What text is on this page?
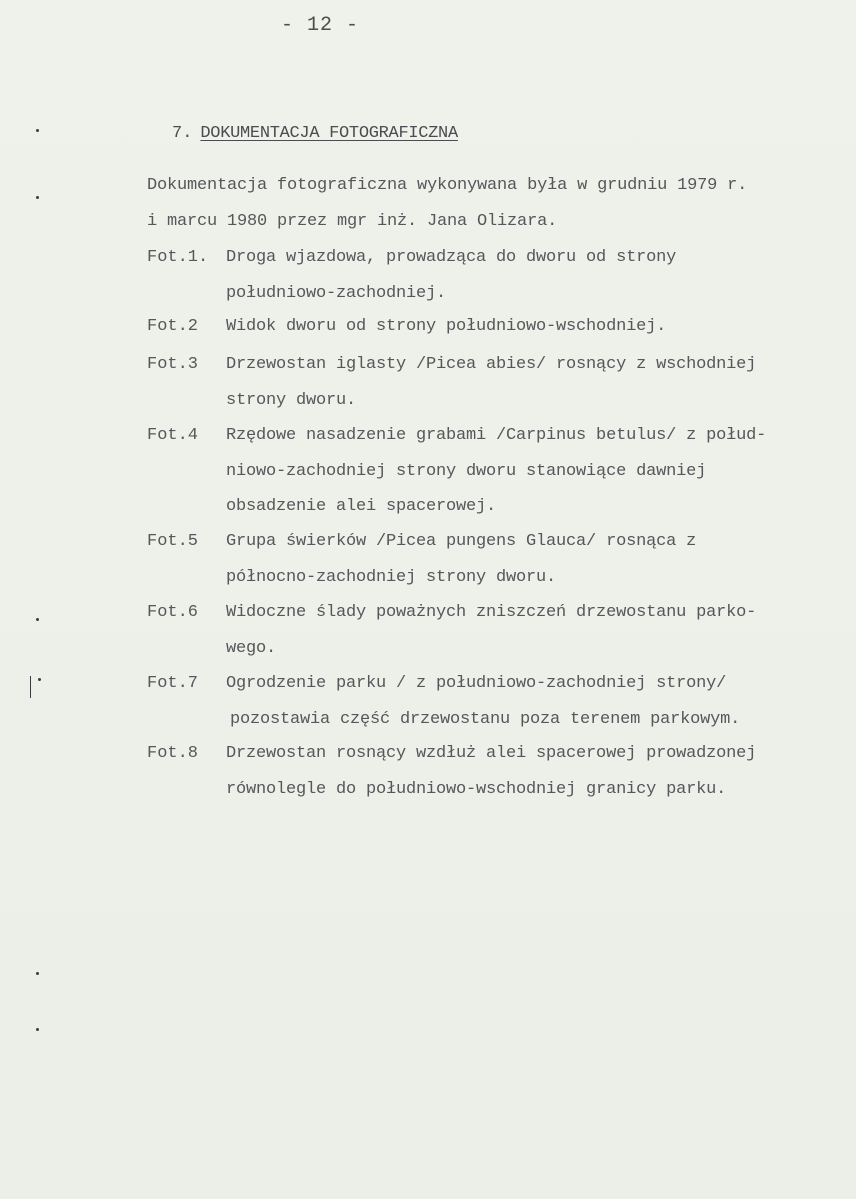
- 12 -
7. DOKUMENTACJA FOTOGRAFICZNA
Dokumentacja fotograficzna wykonywana była w grudniu 1979 r.
i marcu 1980 przez mgr inż. Jana Olizara.
Fot.1. Droga wjazdowa, prowadząca do dworu od strony
południowo-zachodniej.
Fot.2 Widok dworu od strony południowo-wschodniej.
Fot.3 Drzewostan iglasty /Picea abies/ rosnący z wschodniej
strony dworu.
Fot.4 Rzędowe nasadzenie grabami /Carpinus betulus/ z połud-
niowo-zachodniej strony dworu stanowiące dawniej
obsadzenie alei spacerowej.
Fot.5 Grupa świerków /Picea pungens Glauca/ rosnąca z
północno-zachodniej strony dworu.
Fot.6 Widoczne ślady poważnych zniszczeń drzewostanu parko-
wego.
Fot.7 Ogrodzenie parku / z południowo-zachodniej strony/
pozostawia część drzewostanu poza terenem parkowym.
Fot.8 Drzewostan rosnący wzdłuż alei spacerowej prowadzonej
równolegle do południowo-wschodniej granicy parku.
